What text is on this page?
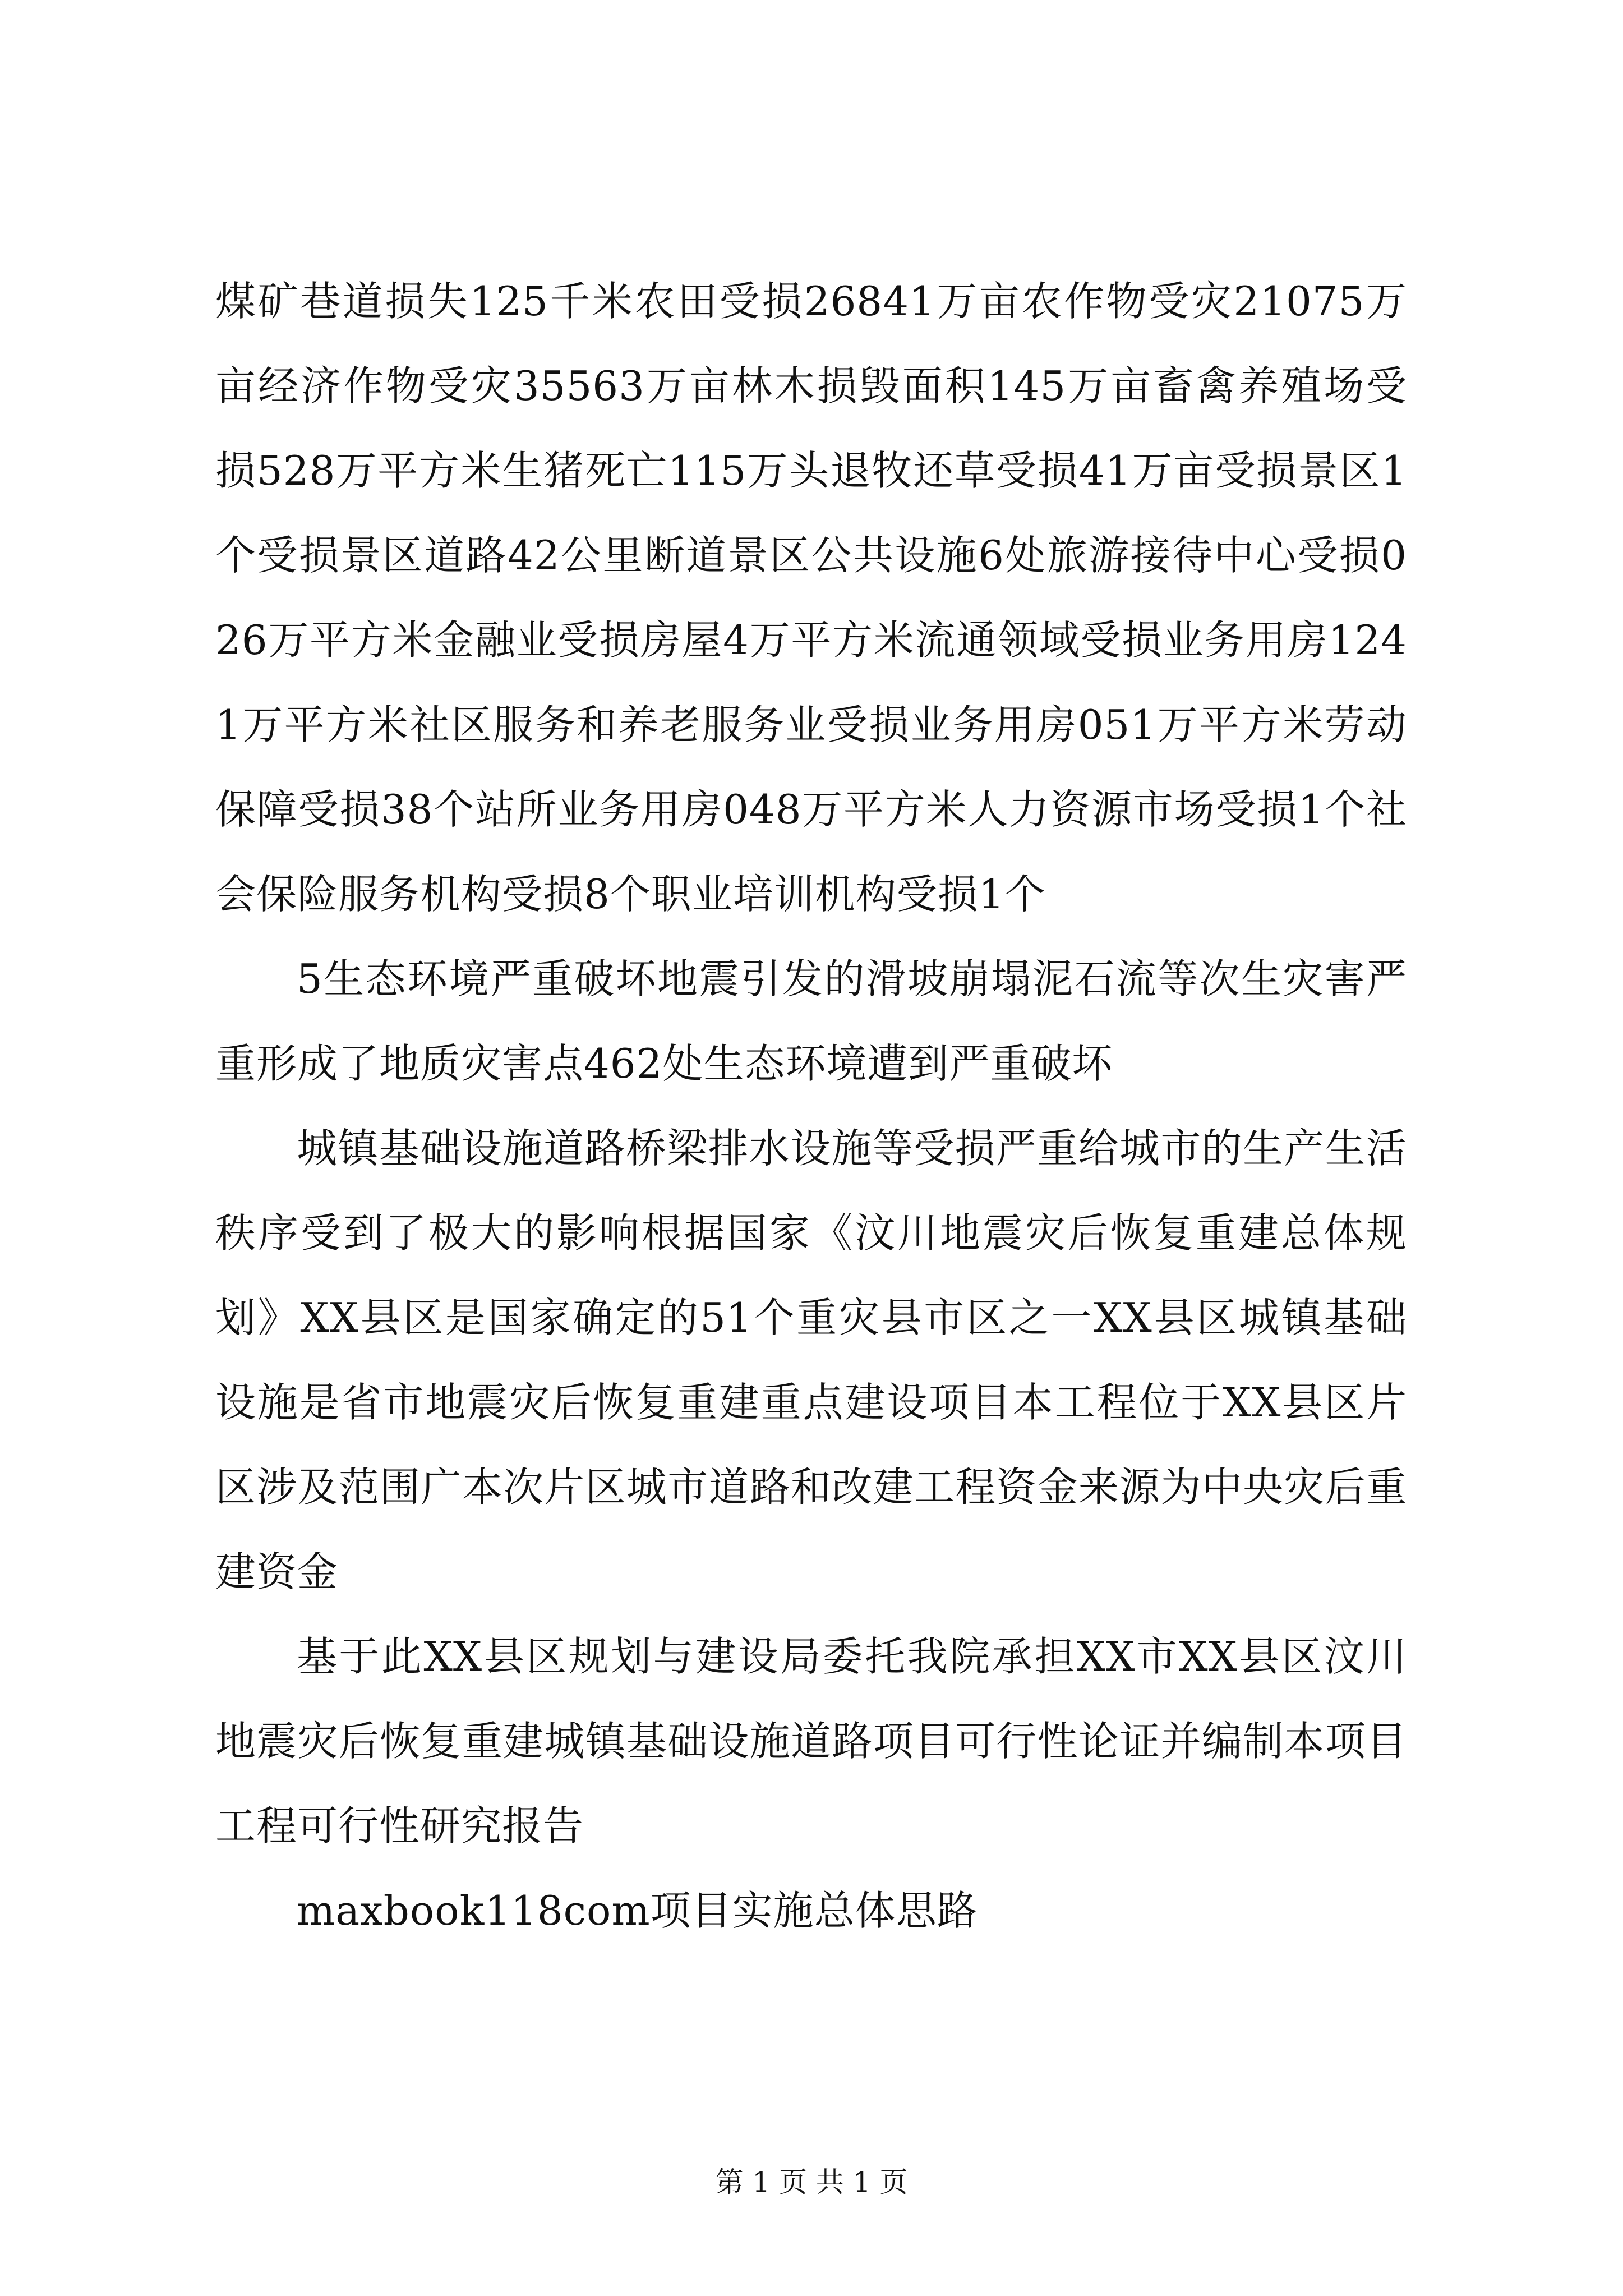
煤矿巷道损失125千米农田受损26841万亩农作物受灾21075万亩经济作物受灾35563万亩林木损毁面积145万亩畜禽养殖场受损528万平方米生猪死亡115万头退牧还草受损41万亩受损景区1个受损景区道路42公里断道景区公共设施6处旅游接待中心受损026万平方米金融业受损房屋4万平方米流通领域受损业务用房1241万平方米社区服务和养老服务业受损业务用房051万平方米劳动保障受损38个站所业务用房048万平方米人力资源市场受损1个社会保险服务机构受损8个职业培训机构受损1个

5生态环境严重破坏地震引发的滑坡崩塌泥石流等次生灾害严重形成了地质灾害点462处生态环境遭到严重破坏

城镇基础设施道路桥梁排水设施等受损严重给城市的生产生活秩序受到了极大的影响根据国家《汶川地震灾后恢复重建总体规划》XX县区是国家确定的51个重灾县市区之一XX县区城镇基础设施是省市地震灾后恢复重建重点建设项目本工程位于XX县区片区涉及范围广本次片区城市道路和改建工程资金来源为中央灾后重建资金

基于此XX县区规划与建设局委托我院承担XX市XX县区汶川地震灾后恢复重建城镇基础设施道路项目可行性论证并编制本项目工程可行性研究报告

maxbook118com项目实施总体思路

第 1 页 共 1 页
